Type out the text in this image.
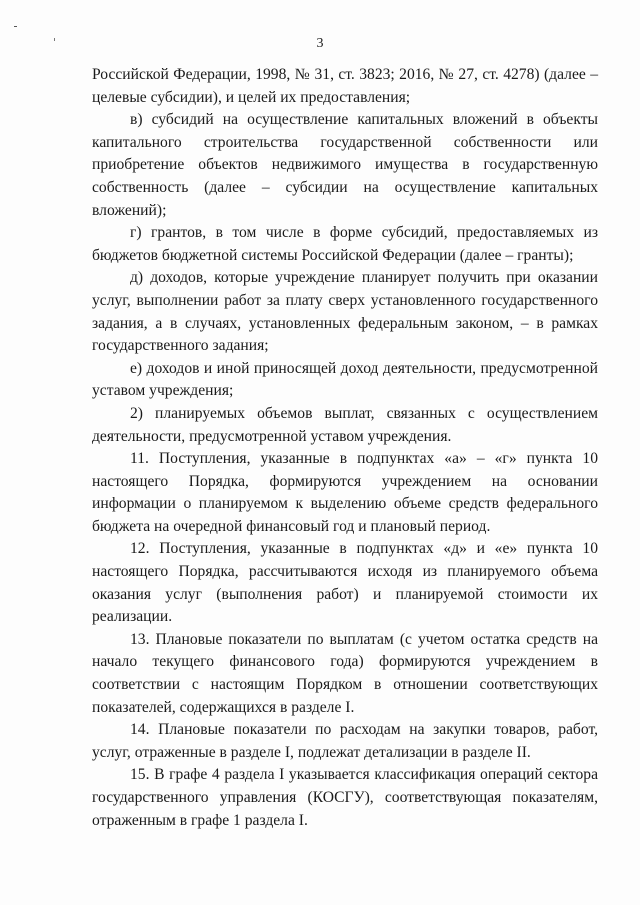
3

Российской Федерации, 1998, № 31, ст. 3823; 2016, № 27, ст. 4278) (далее – целевые субсидии), и целей их предоставления;

в) субсидий на осуществление капитальных вложений в объекты капитального строительства государственной собственности или приобретение объектов недвижимого имущества в государственную собственность (далее – субсидии на осуществление капитальных вложений);

г) грантов, в том числе в форме субсидий, предоставляемых из бюджетов бюджетной системы Российской Федерации (далее – гранты);

д) доходов, которые учреждение планирует получить при оказании услуг, выполнении работ за плату сверх установленного государственного задания, а в случаях, установленных федеральным законом, – в рамках государственного задания;

е) доходов и иной приносящей доход деятельности, предусмотренной уставом учреждения;

2) планируемых объемов выплат, связанных с осуществлением деятельности, предусмотренной уставом учреждения.

11. Поступления, указанные в подпунктах «а» – «г» пункта 10 настоящего Порядка, формируются учреждением на основании информации о планируемом к выделению объеме средств федерального бюджета на очередной финансовый год и плановый период.

12. Поступления, указанные в подпунктах «д» и «е» пункта 10 настоящего Порядка, рассчитываются исходя из планируемого объема оказания услуг (выполнения работ) и планируемой стоимости их реализации.

13. Плановые показатели по выплатам (с учетом остатка средств на начало текущего финансового года) формируются учреждением в соответствии с настоящим Порядком в отношении соответствующих показателей, содержащихся в разделе I.

14. Плановые показатели по расходам на закупки товаров, работ, услуг, отраженные в разделе I, подлежат детализации в разделе II.

15. В графе 4 раздела I указывается классификация операций сектора государственного управления (КОСГУ), соответствующая показателям, отраженным в графе 1 раздела I.
